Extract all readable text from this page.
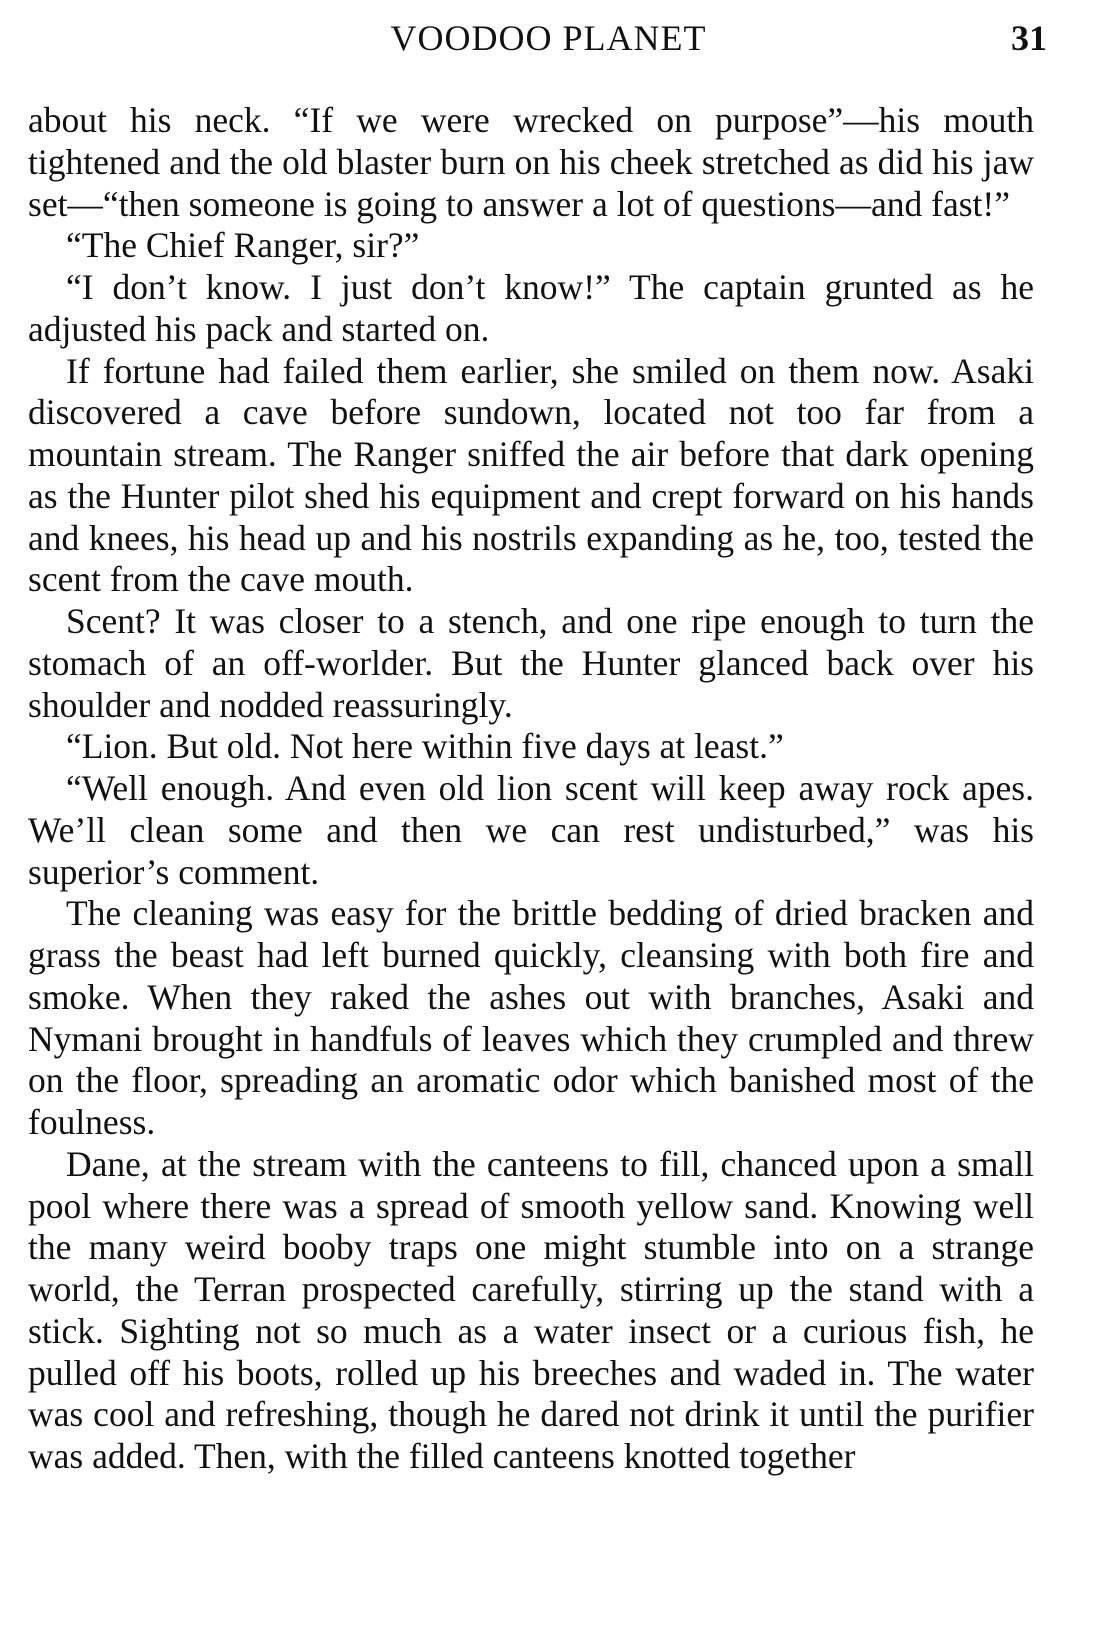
VOODOO PLANET	31

about his neck. “If we were wrecked on purpose”—his mouth tightened and the old blaster burn on his cheek stretched as did his jaw set—“then someone is going to answer a lot of questions—and fast!”

“The Chief Ranger, sir?”

“I don’t know. I just don’t know!” The captain grunted as he adjusted his pack and started on.

If fortune had failed them earlier, she smiled on them now. Asaki discovered a cave before sundown, located not too far from a mountain stream. The Ranger sniffed the air before that dark opening as the Hunter pilot shed his equipment and crept forward on his hands and knees, his head up and his nostrils expanding as he, too, tested the scent from the cave mouth.

Scent? It was closer to a stench, and one ripe enough to turn the stomach of an off-worlder. But the Hunter glanced back over his shoulder and nodded reassuringly.

“Lion. But old. Not here within five days at least.”

“Well enough. And even old lion scent will keep away rock apes. We’ll clean some and then we can rest undisturbed,” was his superior’s comment.

The cleaning was easy for the brittle bedding of dried bracken and grass the beast had left burned quickly, cleansing with both fire and smoke. When they raked the ashes out with branches, Asaki and Nymani brought in handfuls of leaves which they crumpled and threw on the floor, spreading an aromatic odor which banished most of the foulness.

Dane, at the stream with the canteens to fill, chanced upon a small pool where there was a spread of smooth yellow sand. Knowing well the many weird booby traps one might stumble into on a strange world, the Terran prospected carefully, stirring up the stand with a stick. Sighting not so much as a water insect or a curious fish, he pulled off his boots, rolled up his breeches and waded in. The water was cool and refreshing, though he dared not drink it until the purifier was added. Then, with the filled canteens knotted together
